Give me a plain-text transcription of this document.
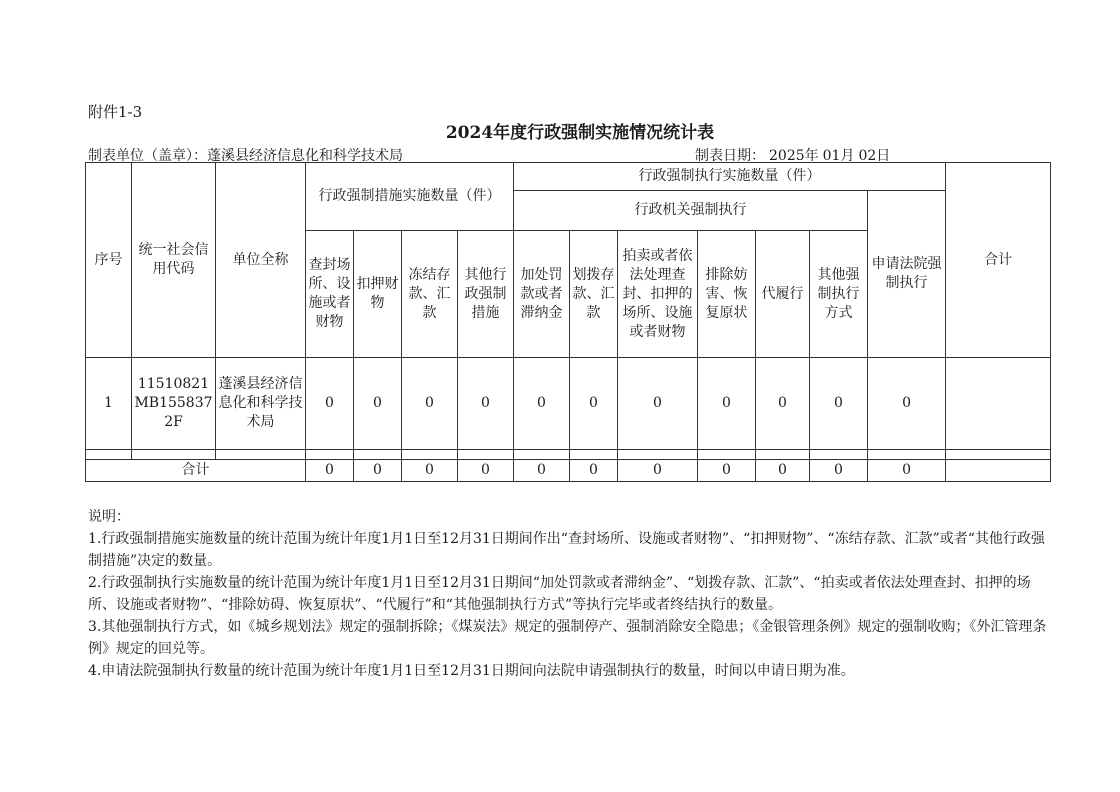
附件1-3
2024年度行政强制实施情况统计表
制表单位（盖章）：蓬溪县经济信息化和科学技术局	制表日期： 2025年 01月 02日
序号	统一社会信用代码	单位全称	行政强制措施实施数量（件）				行政强制执行实施数量（件）							合计
							行政机关强制执行						申请法院强制执行	

			查封场所、设施或者财物	扣押财物	冻结存款、汇款	其他行政强制措施	加处罚款或者滞纳金	划拨存款、汇款	拍卖或者依法处理查封、扣押的场所、设施或者财物	排除妨害、恢复原状	代履行	其他强制执行方式		
1	11510821MB1558372F	蓬溪县经济信息化和科学技术局	0	0	0	0	0	0	0	0	0	0	0	

合计			0	0	0	0	0	0	0	0	0	0	0	

说明：

1.行政强制措施实施数量的统计范围为统计年度1月1日至12月31日期间作出“查封场所、设施或者财物”、“扣押财物”、“冻结存款、汇款”或者“其他行政强制措施”决定的数量。

2.行政强制执行实施数量的统计范围为统计年度1月1日至12月31日期间“加处罚款或者滞纳金”、“划拨存款、汇款”、“拍卖或者依法处理查封、扣押的场所、设施或者财物”、“排除妨碍、恢复原状”、“代履行”和“其他强制执行方式”等执行完毕或者终结执行的数量。

3.其他强制执行方式，如《城乡规划法》规定的强制拆除；《煤炭法》规定的强制停产、强制消除安全隐患；《金银管理条例》规定的强制收购；《外汇管理条例》规定的回兑等。

4.申请法院强制执行数量的统计范围为统计年度1月1日至12月31日期间向法院申请强制执行的数量，时间以申请日期为准。
